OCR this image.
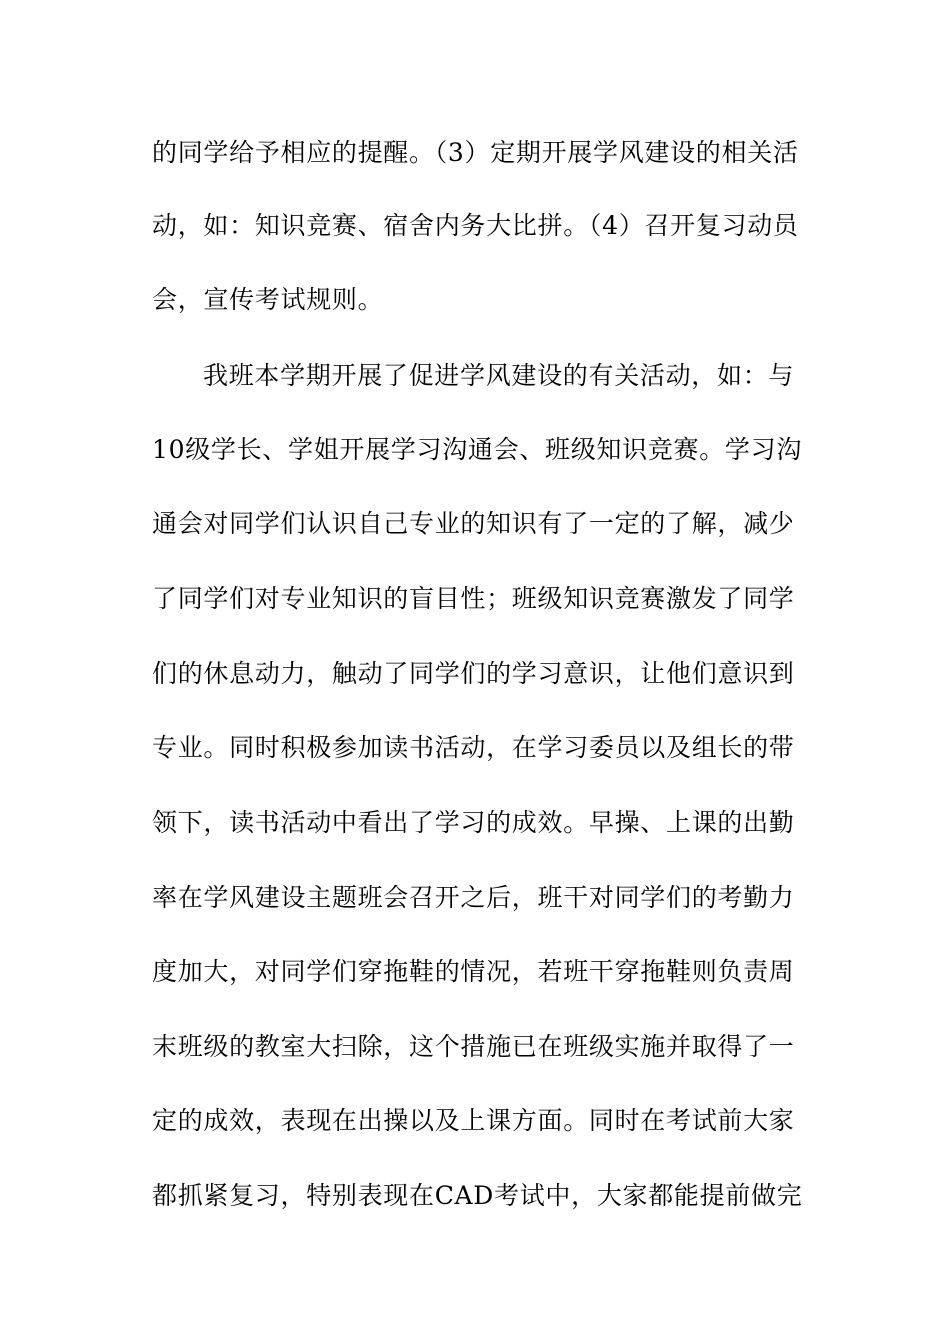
的同学给予相应的提醒。（3）定期开展学风建设的相关活
动，如：知识竞赛、宿舍内务大比拼。（4）召开复习动员
会，宣传考试规则。
我班本学期开展了促进学风建设的有关活动，如：与
10级学长、学姐开展学习沟通会、班级知识竞赛。学习沟
通会对同学们认识自己专业的知识有了一定的了解，减少
了同学们对专业知识的盲目性；班级知识竞赛激发了同学
们的休息动力，触动了同学们的学习意识，让他们意识到
专业。同时积极参加读书活动，在学习委员以及组长的带
领下，读书活动中看出了学习的成效。早操、上课的出勤
率在学风建设主题班会召开之后，班干对同学们的考勤力
度加大，对同学们穿拖鞋的情况，若班干穿拖鞋则负责周
末班级的教室大扫除，这个措施已在班级实施并取得了一
定的成效，表现在出操以及上课方面。同时在考试前大家
都抓紧复习，特别表现在CAD考试中，大家都能提前做完
